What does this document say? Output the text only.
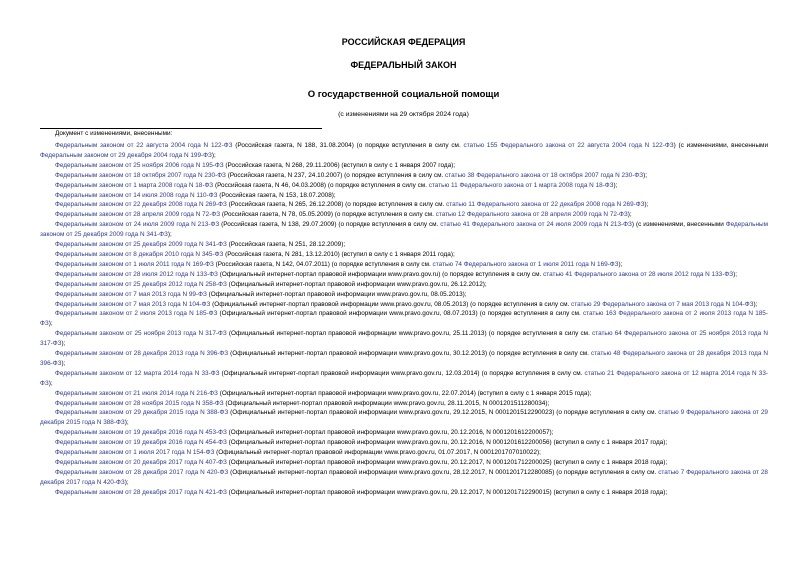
РОССИЙСКАЯ ФЕДЕРАЦИЯ
ФЕДЕРАЛЬНЫЙ ЗАКОН
О государственной социальной помощи
(с изменениями на 29 октября 2024 года)
Документ с изменениями, внесенными:
Федеральным законом от 22 августа 2004 года N 122-ФЗ (Российская газета, N 188, 31.08.2004) (о порядке вступления в силу см. статью 155 Федерального закона от 22 августа 2004 года N 122-ФЗ) (с изменениями, внесенными Федеральным законом от 29 декабря 2004 года N 199-ФЗ);
Федеральным законом от 25 ноября 2006 года N 195-ФЗ (Российская газета, N 268, 29.11.2006) (вступил в силу с 1 января 2007 года);
Федеральным законом от 18 октября 2007 года N 230-ФЗ (Российская газета, N 237, 24.10.2007) (о порядке вступления в силу см. статью 38 Федерального закона от 18 октября 2007 года N 230-ФЗ);
Федеральным законом от 1 марта 2008 года N 18-ФЗ (Российская газета, N 46, 04.03.2008) (о порядке вступления в силу см. статью 11 Федерального закона от 1 марта 2008 года N 18-ФЗ);
Федеральным законом от 14 июля 2008 года N 110-ФЗ (Российская газета, N 153, 18.07.2008);
Федеральным законом от 22 декабря 2008 года N 269-ФЗ (Российская газета, N 265, 26.12.2008) (о порядке вступления в силу см. статью 11 Федерального закона от 22 декабря 2008 года N 269-ФЗ);
Федеральным законом от 28 апреля 2009 года N 72-ФЗ (Российская газета, N 78, 05.05.2009) (о порядке вступления в силу см. статью 12 Федерального закона от 28 апреля 2009 года N 72-ФЗ);
Федеральным законом от 24 июля 2009 года N 213-ФЗ (Российская газета, N 138, 29.07.2009) (о порядке вступления в силу см. статью 41 Федерального закона от 24 июля 2009 года N 213-ФЗ) (с изменениями, внесенными Федеральным законом от 25 декабря 2009 года N 341-ФЗ);
Федеральным законом от 25 декабря 2009 года N 341-ФЗ (Российская газета, N 251, 28.12.2009);
Федеральным законом от 8 декабря 2010 года N 345-ФЗ (Российская газета, N 281, 13.12.2010) (вступил в силу с 1 января 2011 года);
Федеральным законом от 1 июля 2011 года N 169-ФЗ (Российская газета, N 142, 04.07.2011) (о порядке вступления в силу см. статью 74 Федерального закона от 1 июля 2011 года N 169-ФЗ);
Федеральным законом от 28 июля 2012 года N 133-ФЗ (Официальный интернет-портал правовой информации www.pravo.gov.ru) (о порядке вступления в силу см. статью 41 Федерального закона от 28 июля 2012 года N 133-ФЗ);
Федеральным законом от 25 декабря 2012 года N 258-ФЗ (Официальный интернет-портал правовой информации www.pravo.gov.ru, 26.12.2012);
Федеральным законом от 7 мая 2013 года N 99-ФЗ (Официальный интернет-портал правовой информации www.pravo.gov.ru, 08.05.2013);
Федеральным законом от 7 мая 2013 года N 104-ФЗ (Официальный интернет-портал правовой информации www.pravo.gov.ru, 08.05.2013) (о порядке вступления в силу см. статью 29 Федерального закона от 7 мая 2013 года N 104-ФЗ);
Федеральным законом от 2 июля 2013 года N 185-ФЗ (Официальный интернет-портал правовой информации www.pravo.gov.ru, 08.07.2013) (о порядке вступления в силу см. статью 163 Федерального закона от 2 июля 2013 года N 185-ФЗ);
Федеральным законом от 25 ноября 2013 года N 317-ФЗ (Официальный интернет-портал правовой информации www.pravo.gov.ru, 25.11.2013) (о порядке вступления в силу см. статью 64 Федерального закона от 25 ноября 2013 года N 317-ФЗ);
Федеральным законом от 28 декабря 2013 года N 396-ФЗ (Официальный интернет-портал правовой информации www.pravo.gov.ru, 30.12.2013) (о порядке вступления в силу см. статью 48 Федерального закона от 28 декабря 2013 года N 396-ФЗ);
Федеральным законом от 12 марта 2014 года N 33-ФЗ (Официальный интернет-портал правовой информации www.pravo.gov.ru, 12.03.2014) (о порядке вступления в силу см. статью 21 Федерального закона от 12 марта 2014 года N 33-ФЗ);
Федеральным законом от 21 июля 2014 года N 216-ФЗ (Официальный интернет-портал правовой информации www.pravo.gov.ru, 22.07.2014) (вступил в силу с 1 января 2015 года);
Федеральным законом от 28 ноября 2015 года N 358-ФЗ (Официальный интернет-портал правовой информации www.pravo.gov.ru, 28.11.2015, N 0001201511280034);
Федеральным законом от 29 декабря 2015 года N 388-ФЗ (Официальный интернет-портал правовой информации www.pravo.gov.ru, 29.12.2015, N 0001201512290023) (о порядке вступления в силу см. статью 9 Федерального закона от 29 декабря 2015 года N 388-ФЗ);
Федеральным законом от 19 декабря 2016 года N 453-ФЗ (Официальный интернет-портал правовой информации www.pravo.gov.ru, 20.12.2016, N 0001201612200057);
Федеральным законом от 19 декабря 2016 года N 454-ФЗ (Официальный интернет-портал правовой информации www.pravo.gov.ru, 20.12.2016, N 0001201612200056) (вступил в силу с 1 января 2017 года);
Федеральным законом от 1 июля 2017 года N 154-ФЗ (Официальный интернет-портал правовой информации www.pravo.gov.ru, 01.07.2017, N 0001201707010022);
Федеральным законом от 20 декабря 2017 года N 407-ФЗ (Официальный интернет-портал правовой информации www.pravo.gov.ru, 20.12.2017, N 0001201712200025) (вступил в силу с 1 января 2018 года);
Федеральным законом от 28 декабря 2017 года N 420-ФЗ (Официальный интернет-портал правовой информации www.pravo.gov.ru, 28.12.2017, N 0001201712280085) (о порядке вступления в силу см. статью 7 Федерального закона от 28 декабря 2017 года N 420-ФЗ);
Федеральным законом от 28 декабря 2017 года N 421-ФЗ (Официальный интернет-портал правовой информации www.pravo.gov.ru, 29.12.2017, N 0001201712290015) (вступил в силу с 1 января 2018 года);
